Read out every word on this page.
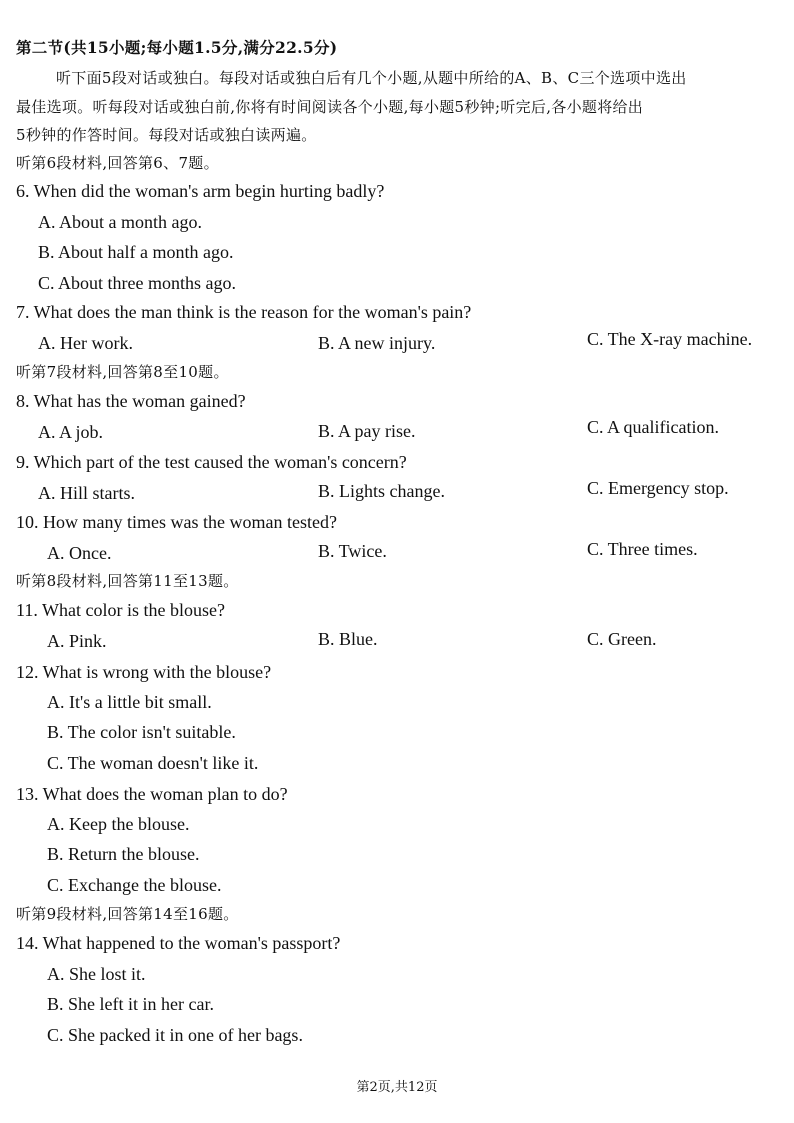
第二节(共15小题;每小题1.5分,满分22.5分)
听下面5段对话或独白。每段对话或独白后有几个小题,从题中所给的A、B、C三个选项中选出
最佳选项。听每段对话或独白前,你将有时间阅读各个小题,每小题5秒钟;听完后,各小题将给出
5秒钟的作答时间。每段对话或独白读两遍。
听第6段材料,回答第6、7题。
6. When did the woman's arm begin hurting badly?
A. About a month ago.
B. About half a month ago.
C. About three months ago.
7. What does the man think is the reason for the woman's pain?
A. Her work.	B. A new injury.	C. The X-ray machine.
听第7段材料,回答第8至10题。
8. What has the woman gained?
A. A job.	B. A pay rise.	C. A qualification.
9. Which part of the test caused the woman's concern?
A. Hill starts.	B. Lights change.	C. Emergency stop.
10. How many times was the woman tested?
A. Once.	B. Twice.	C. Three times.
听第8段材料,回答第11至13题。
11. What color is the blouse?
A. Pink.	B. Blue.	C. Green.
12. What is wrong with the blouse?
A. It's a little bit small.
B. The color isn't suitable.
C. The woman doesn't like it.
13. What does the woman plan to do?
A. Keep the blouse.
B. Return the blouse.
C. Exchange the blouse.
听第9段材料,回答第14至16题。
14. What happened to the woman's passport?
A. She lost it.
B. She left it in her car.
C. She packed it in one of her bags.
第2页,共12页
